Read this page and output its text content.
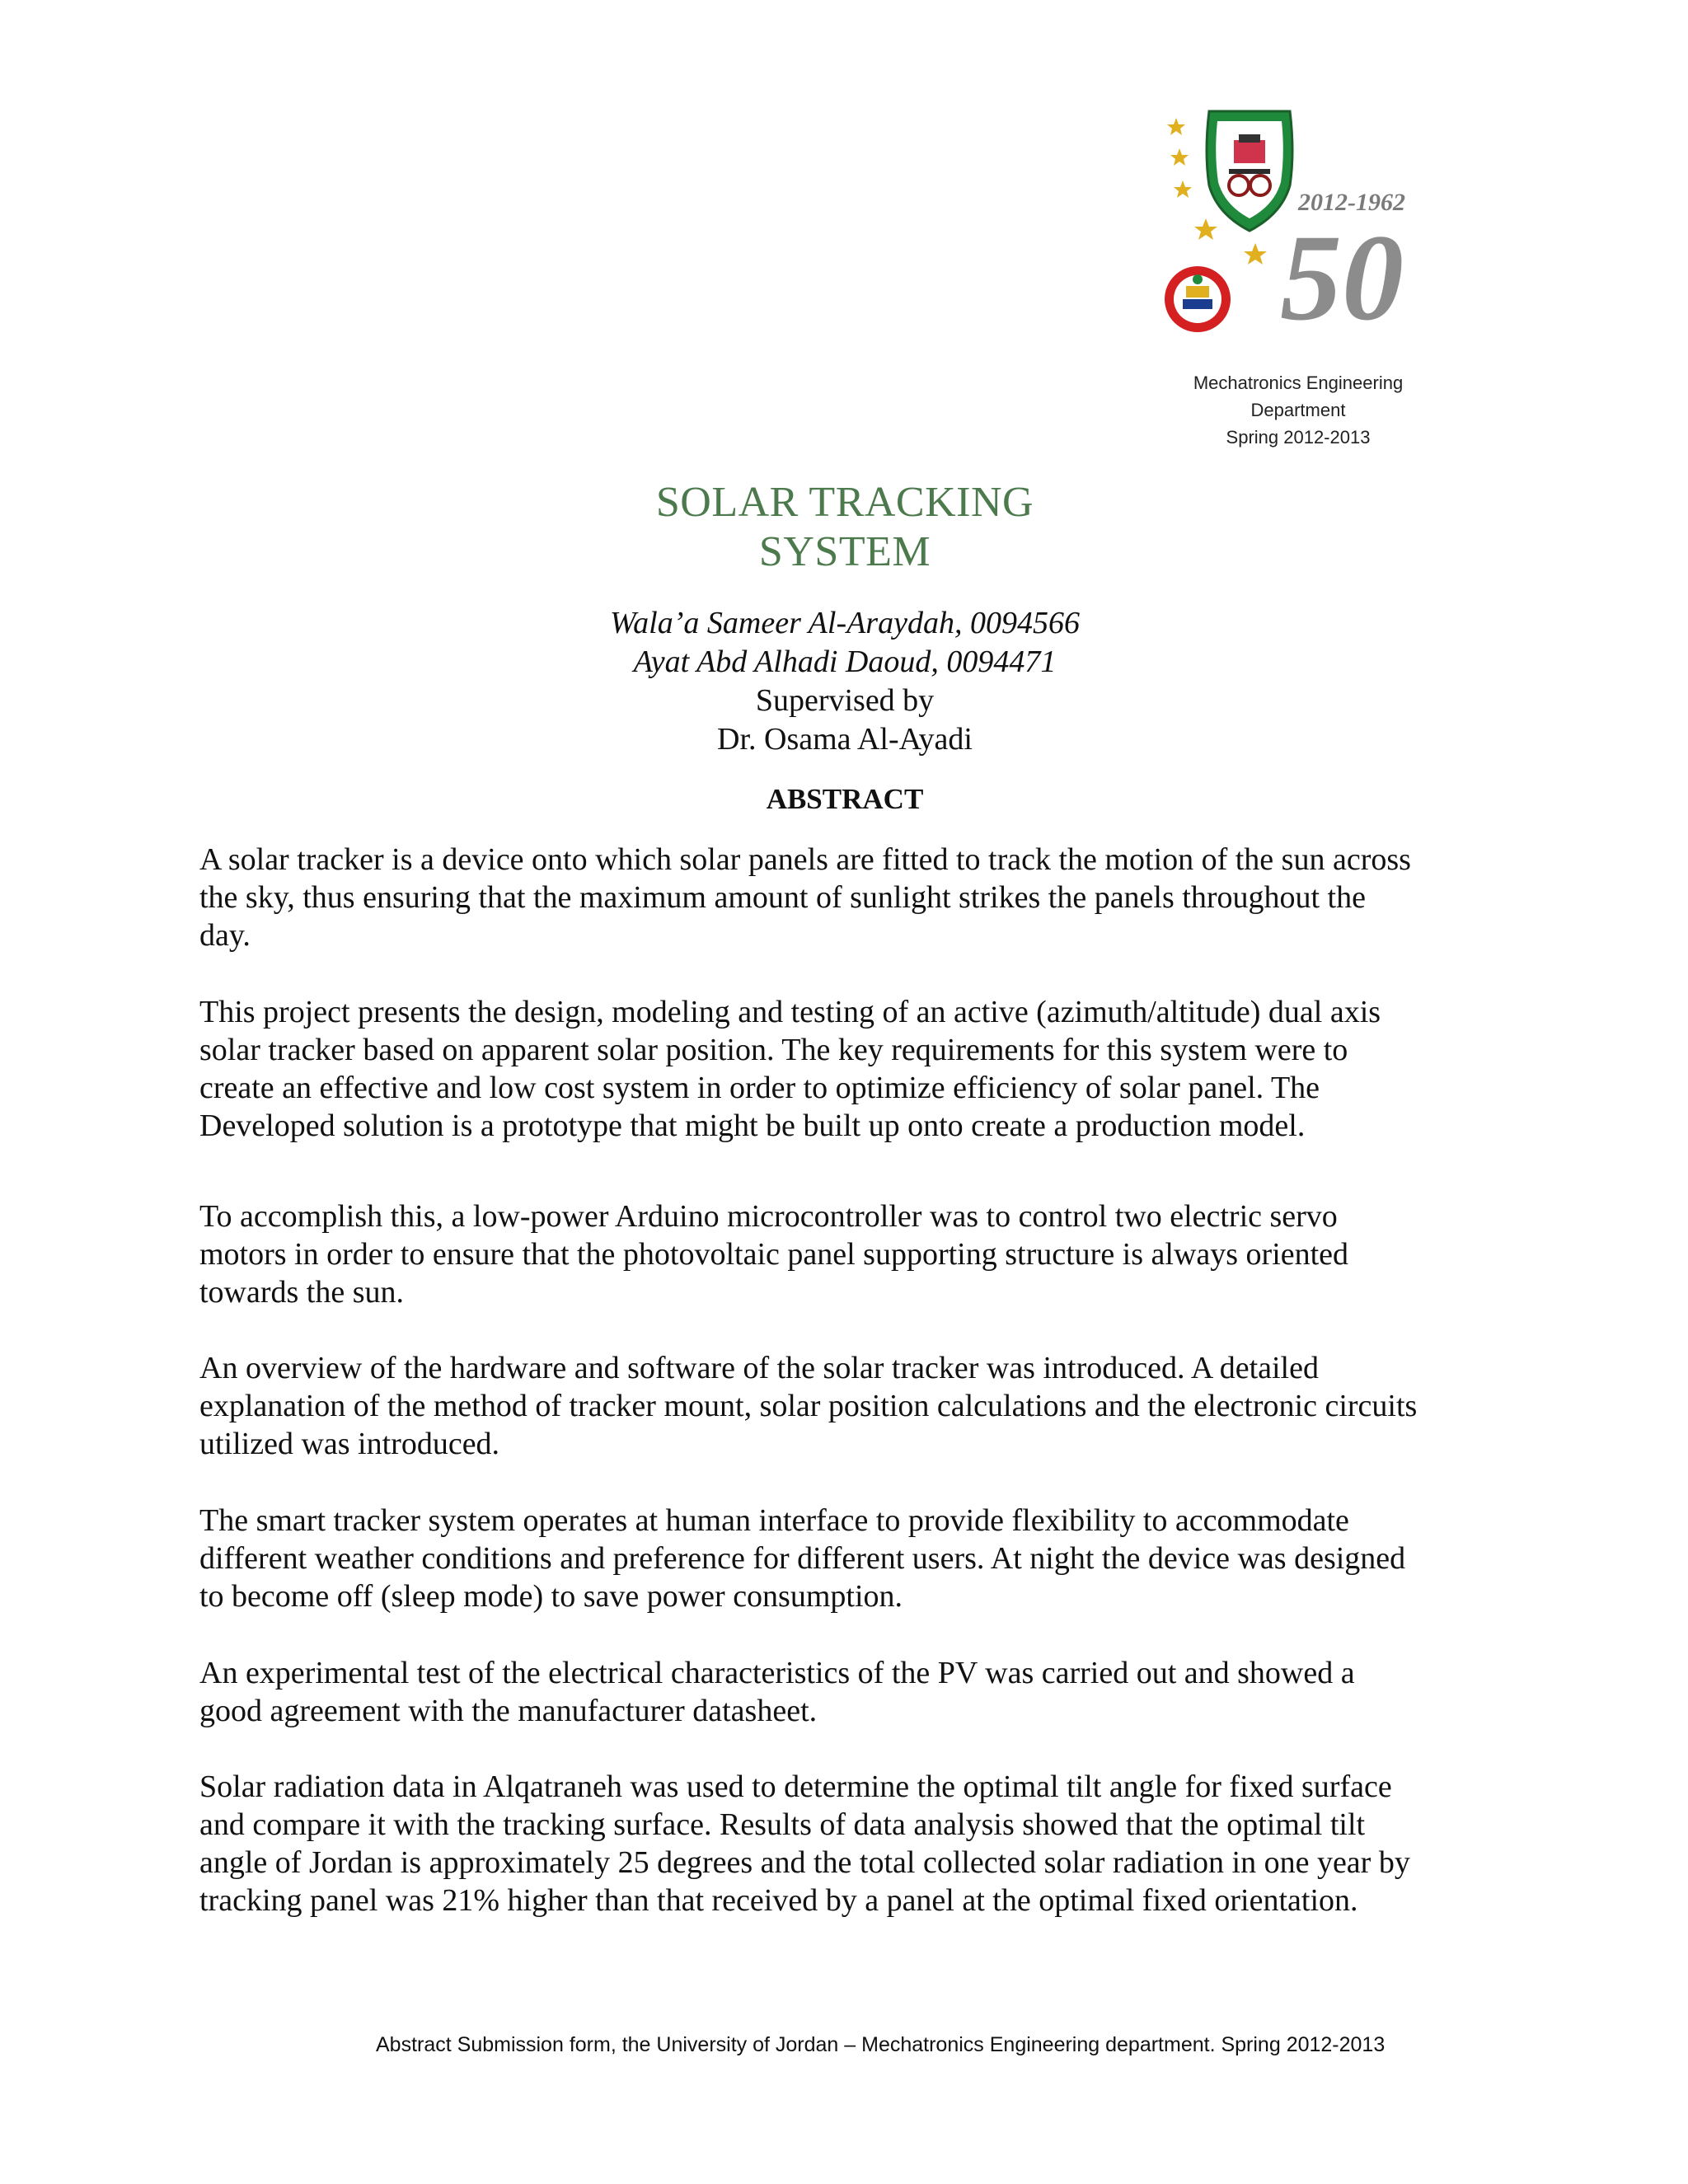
2012-1962
50
Mechatronics Engineering
Department
Spring 2012-2013
SOLAR TRACKING
SYSTEM
Wala’a Sameer Al-Araydah, 0094566
Ayat Abd Alhadi Daoud, 0094471
Supervised by
Dr. Osama Al-Ayadi
ABSTRACT
A solar tracker is a device onto which solar panels are fitted to track the motion of the sun across
the sky, thus ensuring that the maximum amount of sunlight strikes the panels throughout the
day.
This project presents the design, modeling and testing of an active (azimuth/altitude) dual axis
solar tracker based on apparent solar position. The key requirements for this system were to
create an effective and low cost system in order to optimize efficiency of solar panel. The
Developed solution is a prototype that might be built up onto create a production model.
To accomplish this, a low-power Arduino microcontroller was to control two electric servo
motors in order to ensure that the photovoltaic panel supporting structure is always oriented
towards the sun.
An overview of the hardware and software of the solar tracker was introduced. A detailed
explanation of the method of tracker mount, solar position calculations and the electronic circuits
utilized was introduced.
The smart tracker system operates at human interface to provide flexibility to accommodate
different weather conditions and preference for different users. At night the device was designed
to become off (sleep mode) to save power consumption.
An experimental test of the electrical characteristics of the PV was carried out and showed a
good agreement with the manufacturer datasheet.
Solar radiation data in Alqatraneh was used to determine the optimal tilt angle for fixed surface
and compare it with the tracking surface. Results of data analysis showed that the optimal tilt
angle of Jordan is approximately 25 degrees and the total collected solar radiation in one year by
tracking panel was 21% higher than that received by a panel at the optimal fixed orientation.
Abstract Submission form, the University of Jordan – Mechatronics Engineering department. Spring 2012-2013
